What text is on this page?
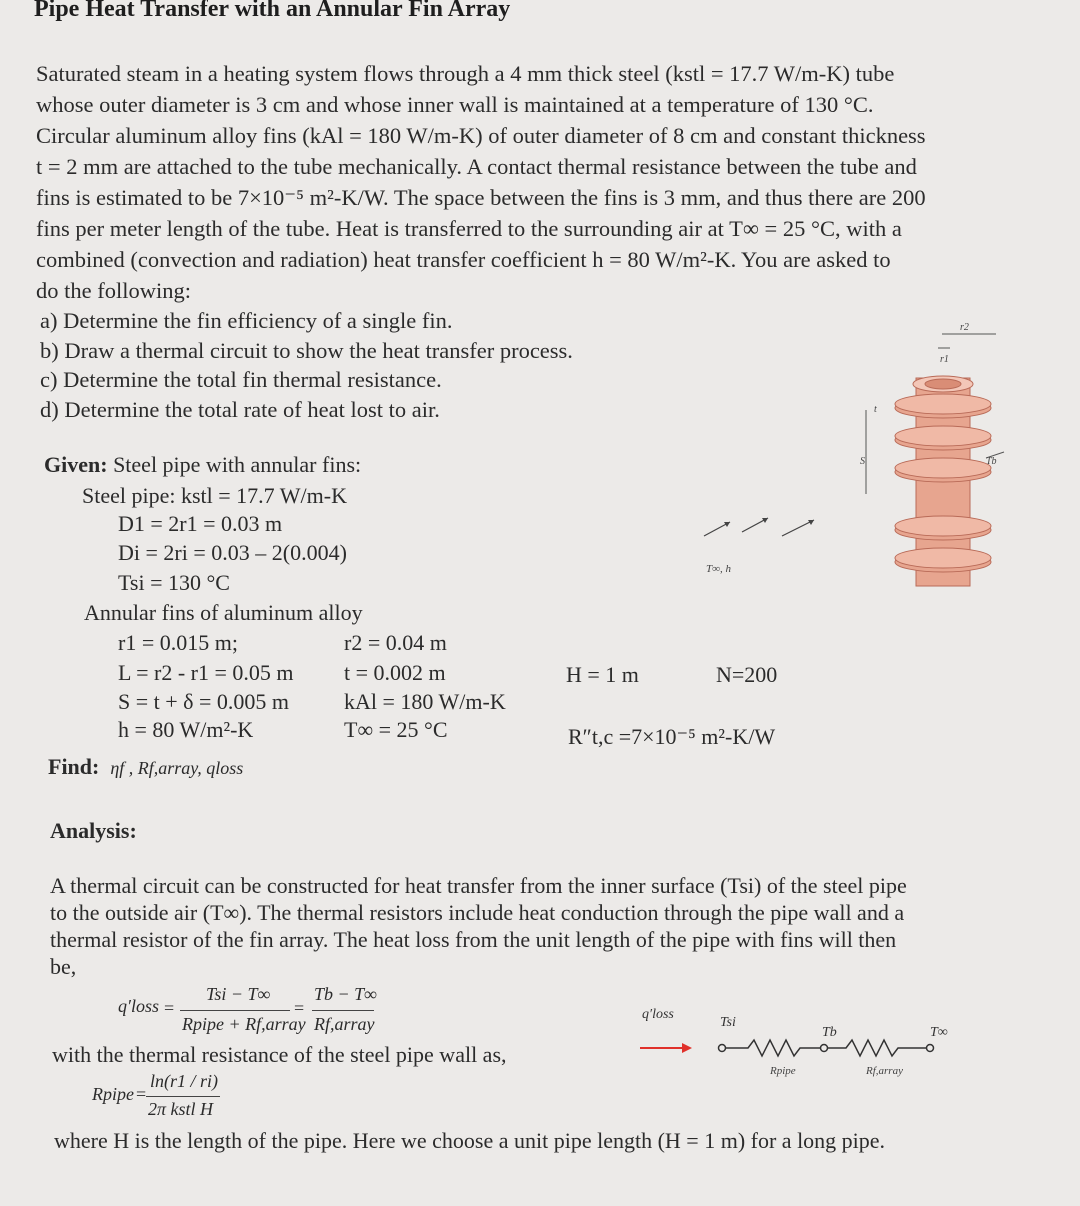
Pipe Heat Transfer with an Annular Fin Array

Saturated steam in a heating system flows through a 4 mm thick steel (kstl = 17.7 W/m-K) tube

whose outer diameter is 3 cm and whose inner wall is maintained at a temperature of 130 °C.

Circular aluminum alloy fins (kAl = 180 W/m-K) of outer diameter of 8 cm and constant thickness

t = 2 mm are attached to the tube mechanically. A contact thermal resistance between the tube and

fins is estimated to be 7×10⁻⁵ m²-K/W. The space between the fins is 3 mm, and thus there are 200

fins per meter length of the tube. Heat is transferred to the surrounding air at T∞ = 25 °C, with a

combined (convection and radiation) heat transfer coefficient h = 80 W/m²-K. You are asked to

do the following:

a) Determine the fin efficiency of a single fin.
b) Draw a thermal circuit to show the heat transfer process.
c) Determine the total fin thermal resistance.
d) Determine the total rate of heat lost to air.
Given: Steel pipe with annular fins:
Steel pipe: kstl = 17.7 W/m-K
D1 = 2r1 = 0.03 m
Di = 2ri = 0.03 – 2(0.004)
Tsi = 130 °C
Annular fins of aluminum alloy
r1 = 0.015 m;	r2 = 0.04 m
L = r2 - r1 = 0.05 m t = 0.002 m	H = 1 m	N=200
S = t + δ = 0.005 m kAl = 180 W/m-K
h = 80 W/m²-K	T∞ = 25 °C	R″t,c =7×10⁻⁵ m²-K/W
Find: ηf , Rf,array, qloss
Analysis:

A thermal circuit can be constructed for heat transfer from the inner surface (Tsi) of the steel pipe

to the outside air (T∞). The thermal resistors include heat conduction through the pipe wall and a

thermal resistor of the fin array. The heat loss from the unit length of the pipe with fins will then

be,

q′loss =
Tsi − T∞
Rpipe + Rf,array
=
Tb − T∞
Rf,array
with the thermal resistance of the steel pipe wall as,
Rpipe =
ln(r1 / ri)
2π kstl H
where H is the length of the pipe. Here we choose a unit pipe length (H = 1 m) for a long pipe.
q′loss
Tsi
Tb	T∞
Rpipe	Rf,array
T∞, h
r2
r1
S
t
Tb
